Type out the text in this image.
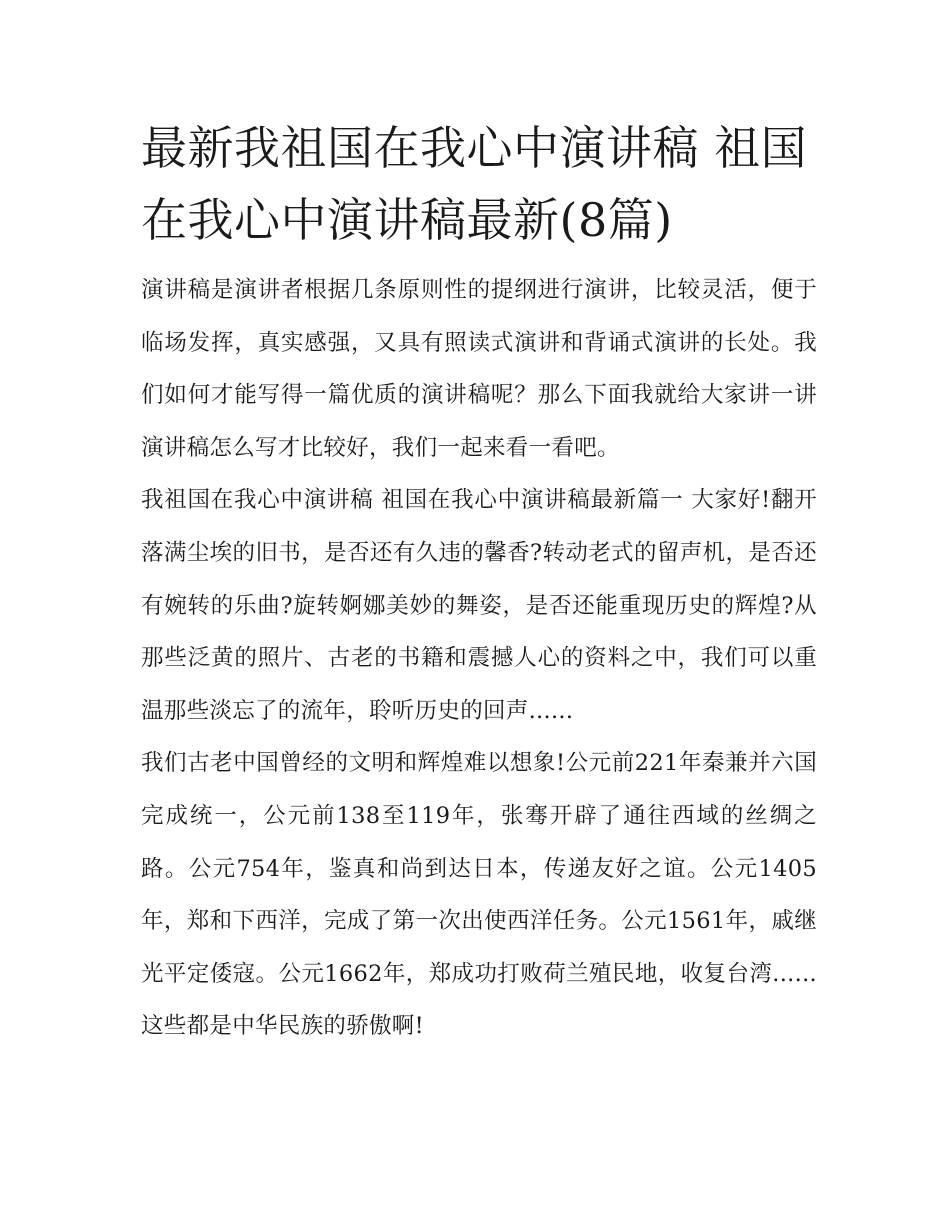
最新我祖国在我心中演讲稿 祖国在我心中演讲稿最新(8篇)

演讲稿是演讲者根据几条原则性的提纲进行演讲，比较灵活，便于临场发挥，真实感强，又具有照读式演讲和背诵式演讲的长处。我们如何才能写得一篇优质的演讲稿呢？那么下面我就给大家讲一讲演讲稿怎么写才比较好，我们一起来看一看吧。

我祖国在我心中演讲稿 祖国在我心中演讲稿最新篇一 大家好!翻开落满尘埃的旧书，是否还有久违的馨香?转动老式的留声机，是否还有婉转的乐曲?旋转婀娜美妙的舞姿，是否还能重现历史的辉煌?从那些泛黄的照片、古老的书籍和震撼人心的资料之中，我们可以重温那些淡忘了的流年，聆听历史的回声......

我们古老中国曾经的文明和辉煌难以想象!公元前221年秦兼并六国完成统一，公元前138至119年，张骞开辟了通往西域的丝绸之路。公元754年，鉴真和尚到达日本，传递友好之谊。公元1405年，郑和下西洋，完成了第一次出使西洋任务。公元1561年，戚继光平定倭寇。公元1662年，郑成功打败荷兰殖民地，收复台湾......这些都是中华民族的骄傲啊!
